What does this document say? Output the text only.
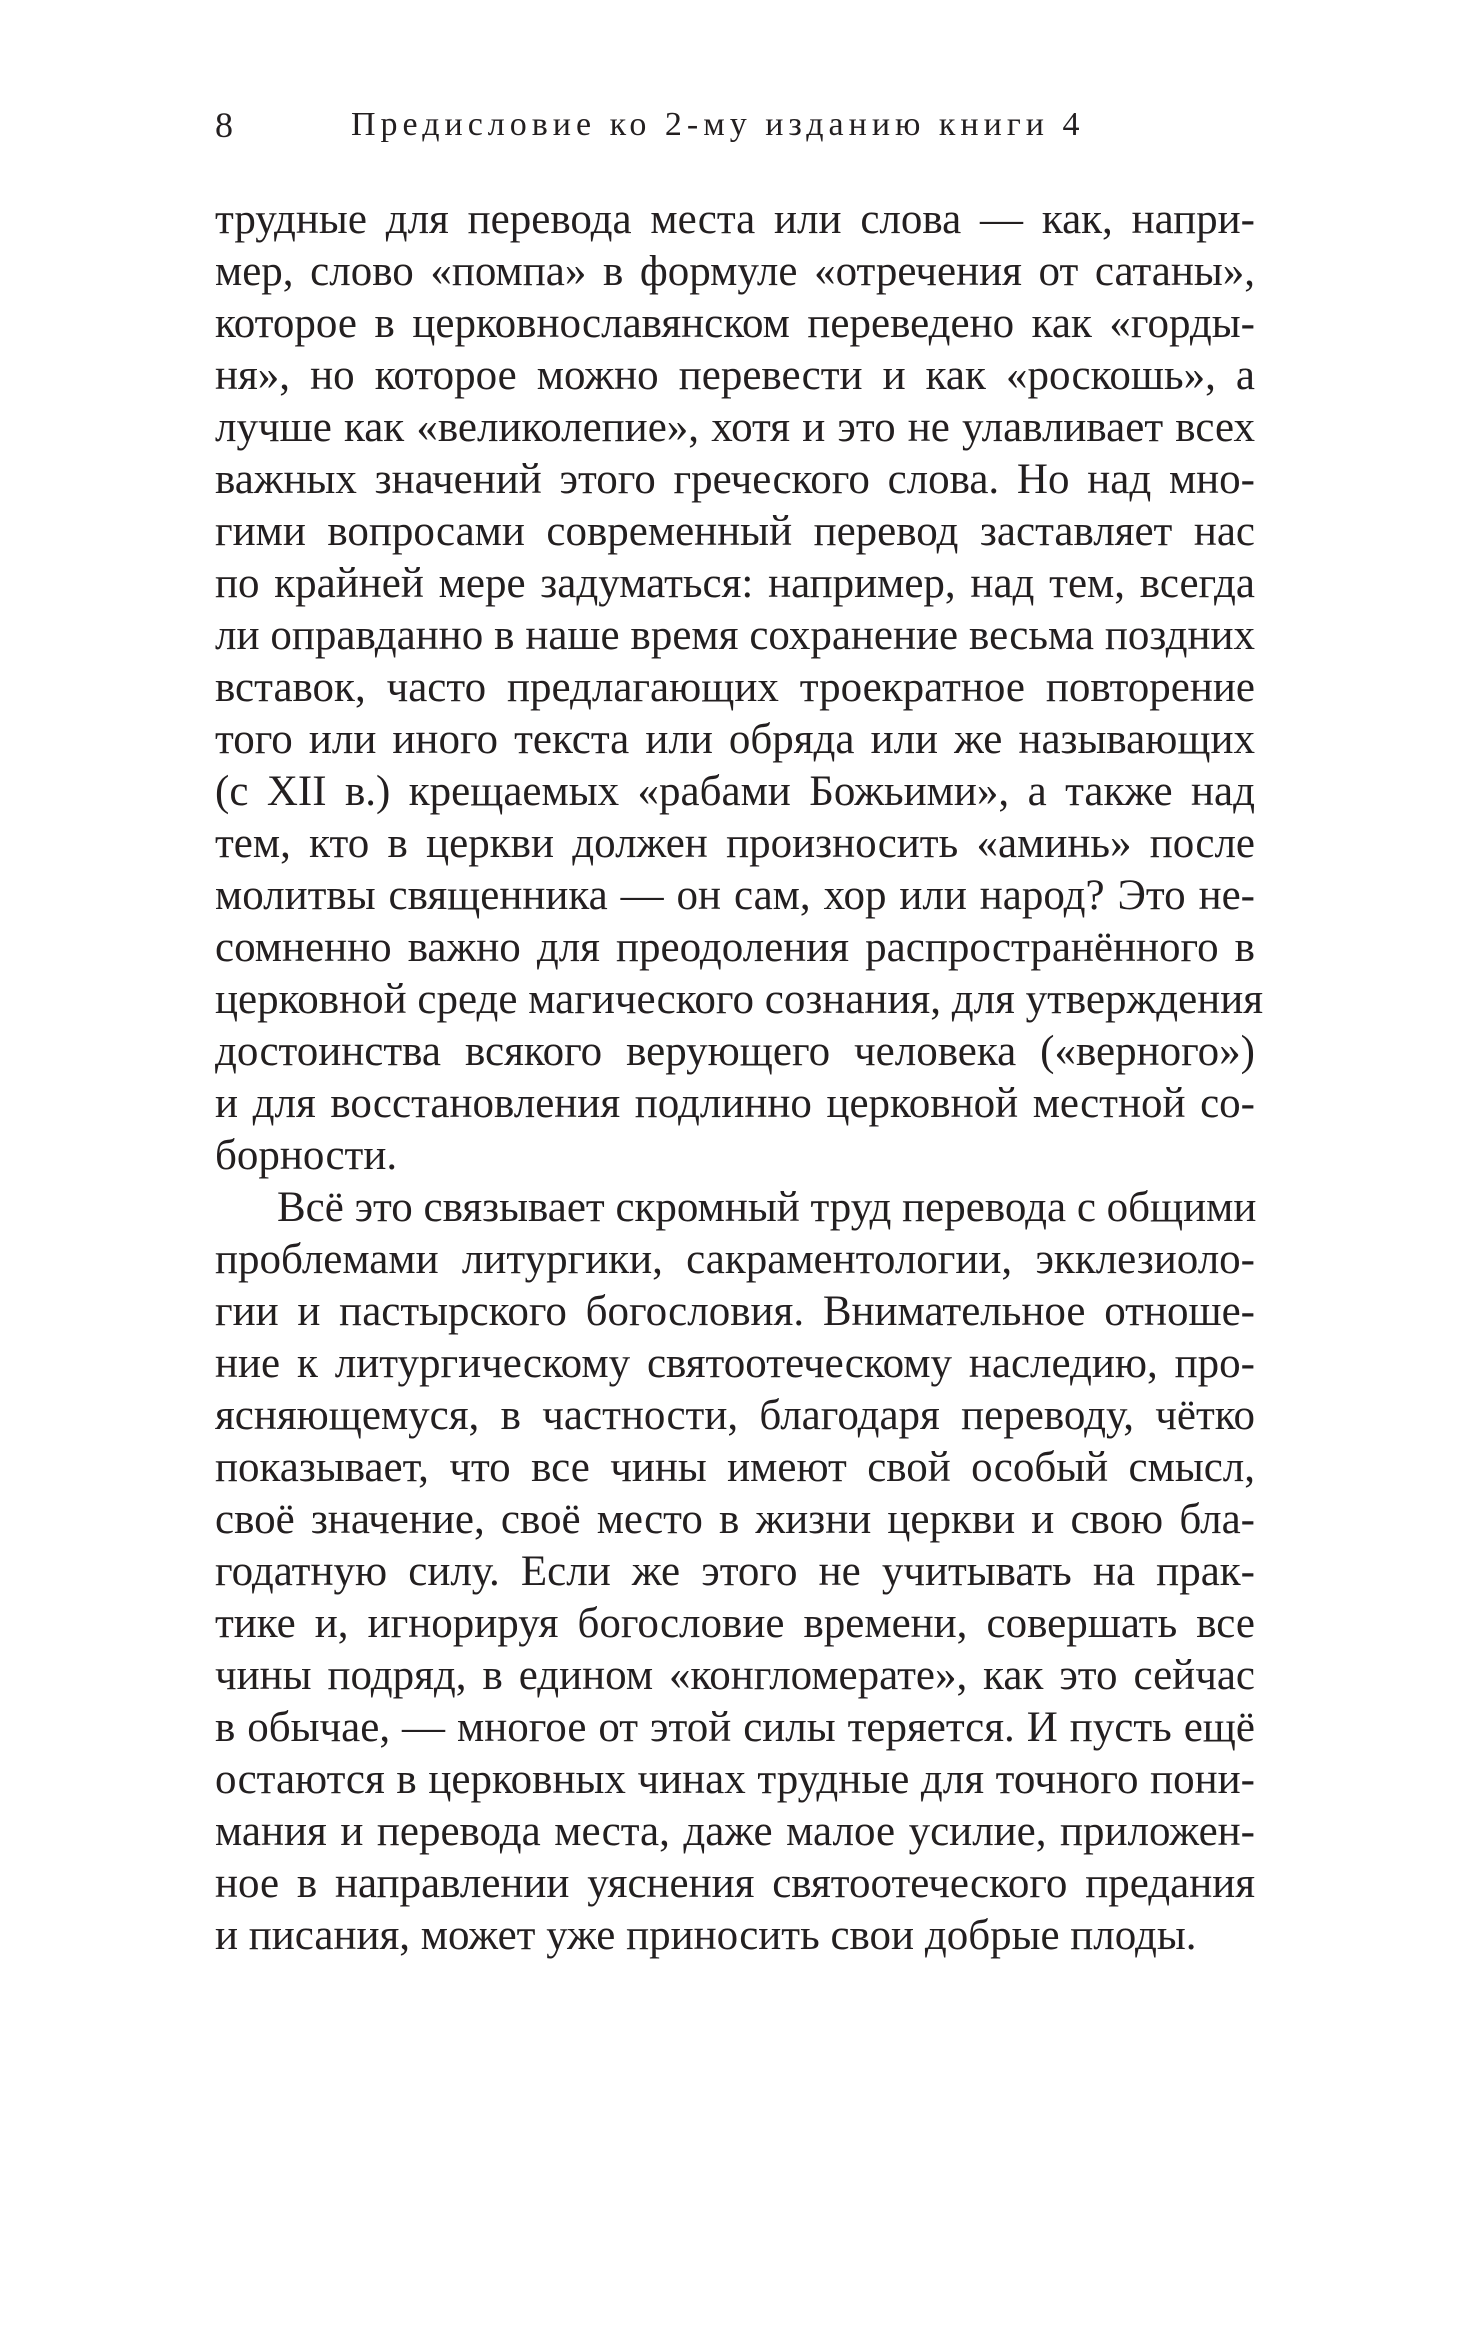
8	Предисловие ко 2-му изданию книги 4
трудные для перевода места или слова — как, напри-
мер, слово «помпа» в формуле «отречения от сатаны»,
которое в церковнославянском переведено как «горды-
ня», но которое можно перевести и как «роскошь», а
лучше как «великолепие», хотя и это не улавливает всех
важных значений этого греческого слова. Но над мно-
гими вопросами современный перевод заставляет нас
по крайней мере задуматься: например, над тем, всегда
ли оправданно в наше время сохранение весьма поздних
вставок, часто предлагающих троекратное повторение
того или иного текста или обряда или же называющих
(с XII в.) крещаемых «рабами Божьими», а также над
тем, кто в церкви должен произносить «аминь» после
молитвы священника — он сам, хор или народ? Это не-
сомненно важно для преодоления распространённого в
церковной среде магического сознания, для утверждения
достоинства всякого верующего человека («верного»)
и для восстановления подлинно церковной местной со-
борности.
Всё это связывает скромный труд перевода с общими
проблемами литургики, сакраментологии, экклезиоло-
гии и пастырского богословия. Внимательное отноше-
ние к литургическому святоотеческому наследию, про-
ясняющемуся, в частности, благодаря переводу, чётко
показывает, что все чины имеют свой особый смысл,
своё значение, своё место в жизни церкви и свою бла-
годатную силу. Если же этого не учитывать на прак-
тике и, игнорируя богословие времени, совершать все
чины подряд, в едином «конгломерате», как это сейчас
в обычае, — многое от этой силы теряется. И пусть ещё
остаются в церковных чинах трудные для точного пони-
мания и перевода места, даже малое усилие, приложен-
ное в направлении уяснения святоотеческого предания
и писания, может уже приносить свои добрые плоды.
